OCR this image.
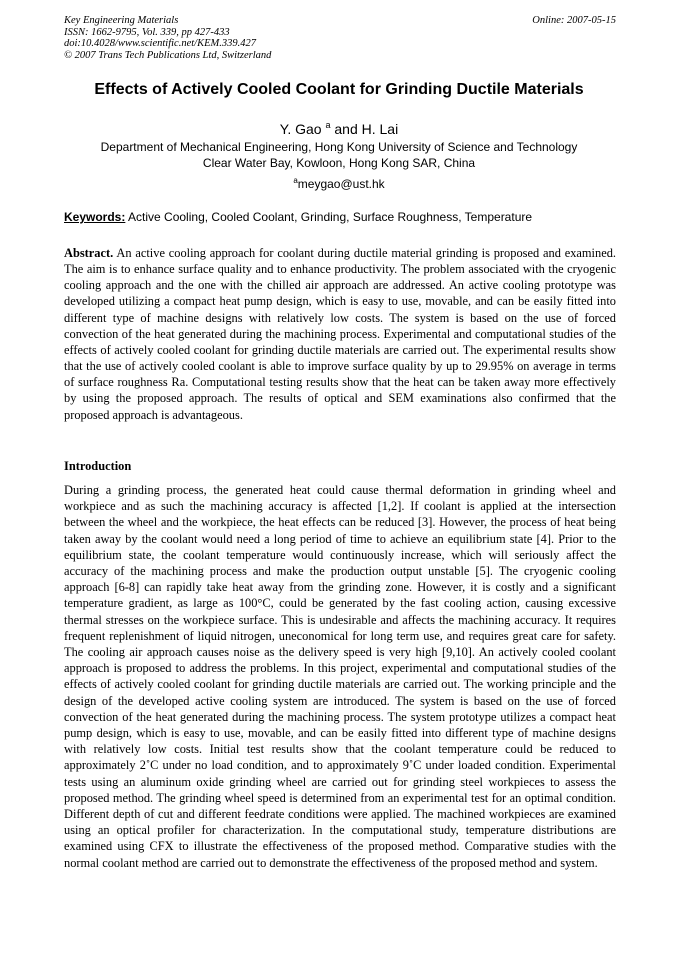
Key Engineering Materials
ISSN: 1662-9795, Vol. 339, pp 427-433
doi:10.4028/www.scientific.net/KEM.339.427
© 2007 Trans Tech Publications Ltd, Switzerland
Online: 2007-05-15
Effects of Actively Cooled Coolant for Grinding Ductile Materials
Y. Gao $^a$ and H. Lai
Department of Mechanical Engineering, Hong Kong University of Science and Technology
Clear Water Bay, Kowloon, Hong Kong SAR, China
$^a$meygao@ust.hk
Keywords: Active Cooling, Cooled Coolant, Grinding, Surface Roughness, Temperature

Abstract. An active cooling approach for coolant during ductile material grinding is proposed and examined. The aim is to enhance surface quality and to enhance productivity. The problem associated with the cryogenic cooling approach and the one with the chilled air approach are addressed. An active cooling prototype was developed utilizing a compact heat pump design, which is easy to use, movable, and can be easily fitted into different type of machine designs with relatively low costs. The system is based on the use of forced convection of the heat generated during the machining process. Experimental and computational studies of the effects of actively cooled coolant for grinding ductile materials are carried out. The experimental results show that the use of actively cooled coolant is able to improve surface quality by up to 29.95% on average in terms of surface roughness Ra. Computational testing results show that the heat can be taken away more effectively by using the proposed approach. The results of optical and SEM examinations also confirmed that the proposed approach is advantageous.

Introduction

During a grinding process, the generated heat could cause thermal deformation in grinding wheel and workpiece and as such the machining accuracy is affected [1,2]. If coolant is applied at the intersection between the wheel and the workpiece, the heat effects can be reduced [3]. However, the process of heat being taken away by the coolant would need a long period of time to achieve an equilibrium state [4]. Prior to the equilibrium state, the coolant temperature would continuously increase, which will seriously affect the accuracy of the machining process and make the production output unstable [5]. The cryogenic cooling approach [6-8] can rapidly take heat away from the grinding zone. However, it is costly and a significant temperature gradient, as large as 100°C, could be generated by the fast cooling action, causing excessive thermal stresses on the workpiece surface. This is undesirable and affects the machining accuracy. It requires frequent replenishment of liquid nitrogen, uneconomical for long term use, and requires great care for safety. The cooling air approach causes noise as the delivery speed is very high [9,10]. An actively cooled coolant approach is proposed to address the problems. In this project, experimental and computational studies of the effects of actively cooled coolant for grinding ductile materials are carried out. The working principle and the design of the developed active cooling system are introduced. The system is based on the use of forced convection of the heat generated during the machining process. The system prototype utilizes a compact heat pump design, which is easy to use, movable, and can be easily fitted into different type of machine designs with relatively low costs. Initial test results show that the coolant temperature could be reduced to approximately 2˚C under no load condition, and to approximately 9˚C under loaded condition. Experimental tests using an aluminum oxide grinding wheel are carried out for grinding steel workpieces to assess the proposed method. The grinding wheel speed is determined from an experimental test for an optimal condition. Different depth of cut and different feedrate conditions were applied. The machined workpieces are examined using an optical profiler for characterization. In the computational study, temperature distributions are examined using CFX to illustrate the effectiveness of the proposed method. Comparative studies with the normal coolant method are carried out to demonstrate the effectiveness of the proposed method and system.
